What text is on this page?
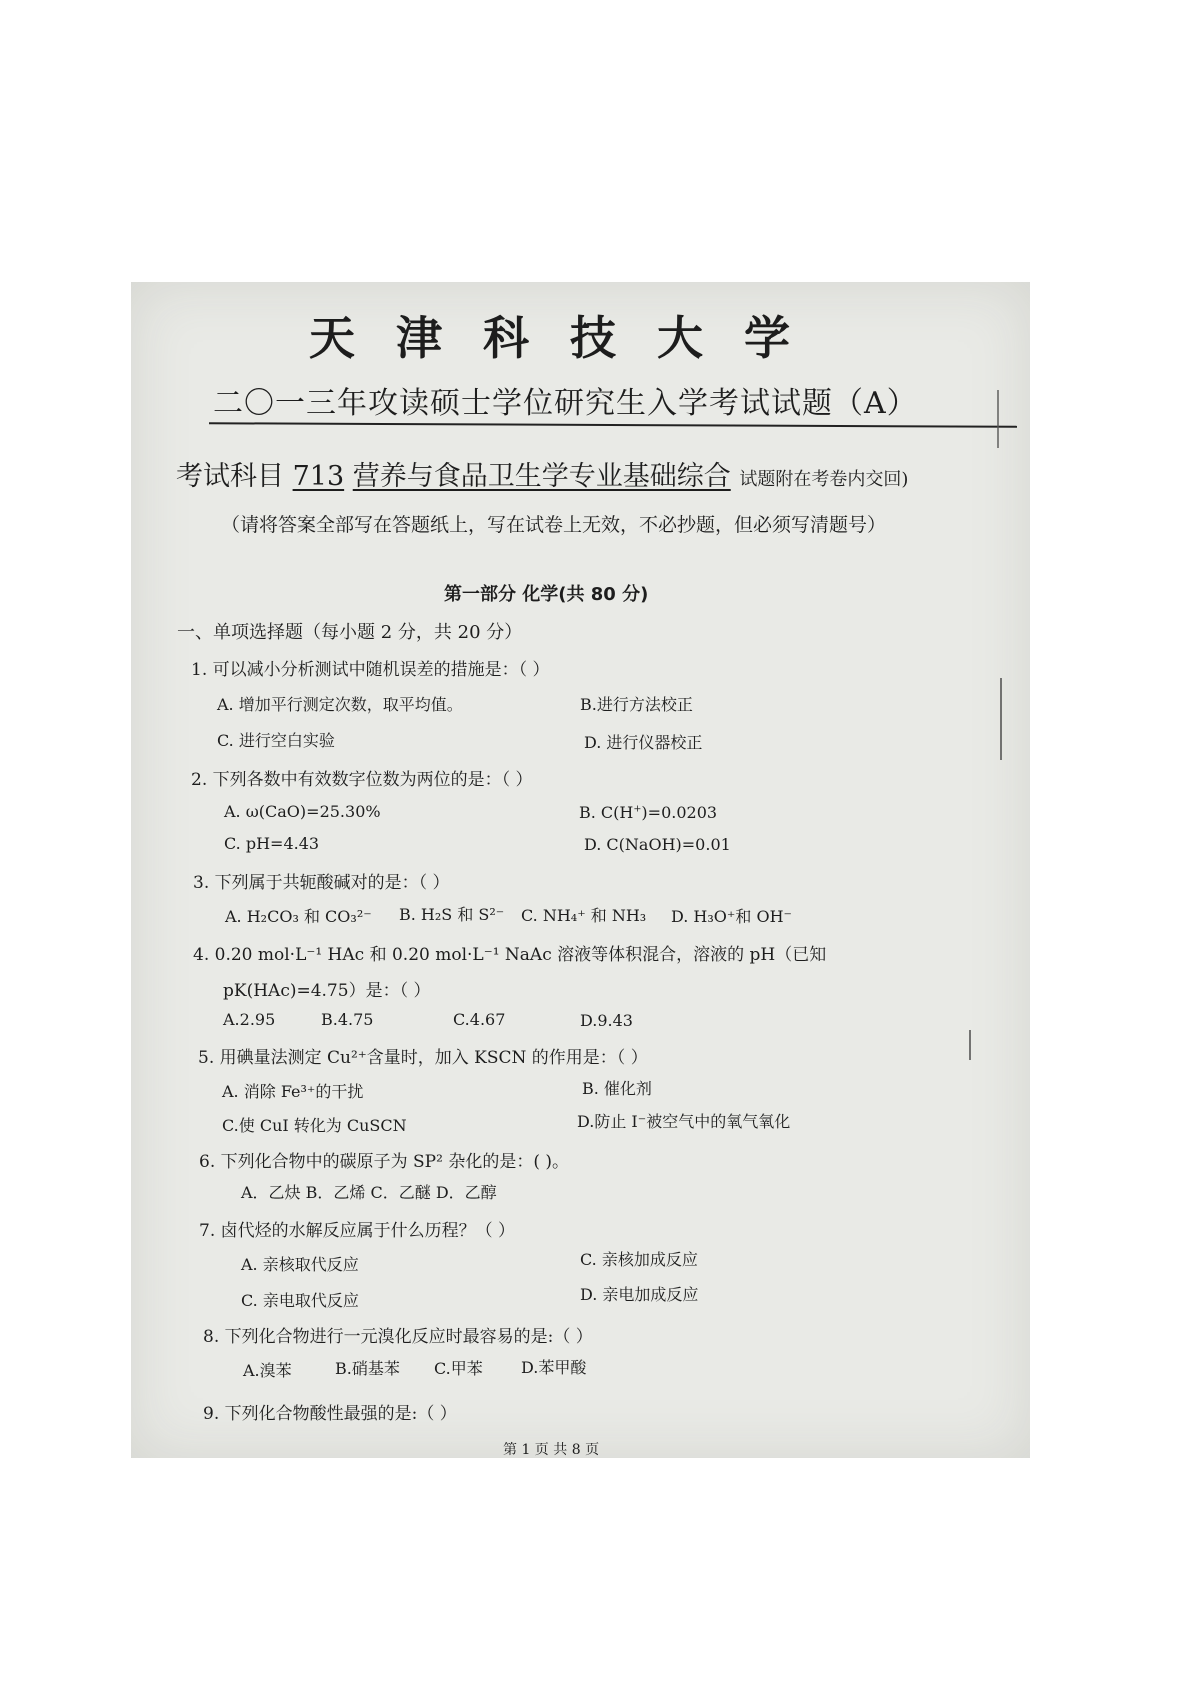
天津科技大学
二〇一三年攻读硕士学位研究生入学考试试题（A）
考试科目 713 营养与食品卫生学专业基础综合 试题附在考卷内交回)
（请将答案全部写在答题纸上，写在试卷上无效，不必抄题，但必须写清题号）
第一部分 化学(共 80 分)
一、单项选择题（每小题 2 分，共 20 分）
1. 可以减小分析测试中随机误差的措施是：（ ）
A. 增加平行测定次数，取平均值。	B.进行方法校正
C. 进行空白实验	D. 进行仪器校正
2. 下列各数中有效数字位数为两位的是：（ ）
A. ω(CaO)=25.30%	B. C(H+)=0.0203
C. pH=4.43	D. C(NaOH)=0.01
3. 下列属于共轭酸碱对的是：（ ）
A. H₂CO₃ 和 CO₃²⁻ B. H₂S 和 S²⁻ C. NH₄⁺ 和 NH₃ D. H₃O⁺和 OH⁻
4. 0.20 mol·L⁻¹ HAc 和 0.20 mol·L⁻¹ NaAc 溶液等体积混合，溶液的 pH（已知
pK(HAc)=4.75）是：（ ）
A.2.95	B.4.75	C.4.67	D.9.43
5. 用碘量法测定 Cu²⁺含量时，加入 KSCN 的作用是：（ ）
A. 消除 Fe³⁺的干扰	B. 催化剂
C.使 CuI 转化为 CuSCN	D.防止 I⁻被空气中的氧气氧化
6. 下列化合物中的碳原子为 SP² 杂化的是：( )。
A．乙炔 B．乙烯 C．乙醚 D．乙醇
7. 卤代烃的水解反应属于什么历程？（ ）
A. 亲核取代反应	C. 亲核加成反应
C. 亲电取代反应	D. 亲电加成反应
8. 下列化合物进行一元溴化反应时最容易的是:（ ）
A.溴苯	B.硝基苯 C.甲苯 D.苯甲酸
9. 下列化合物酸性最强的是:（ ）
第 1 页 共 8 页
